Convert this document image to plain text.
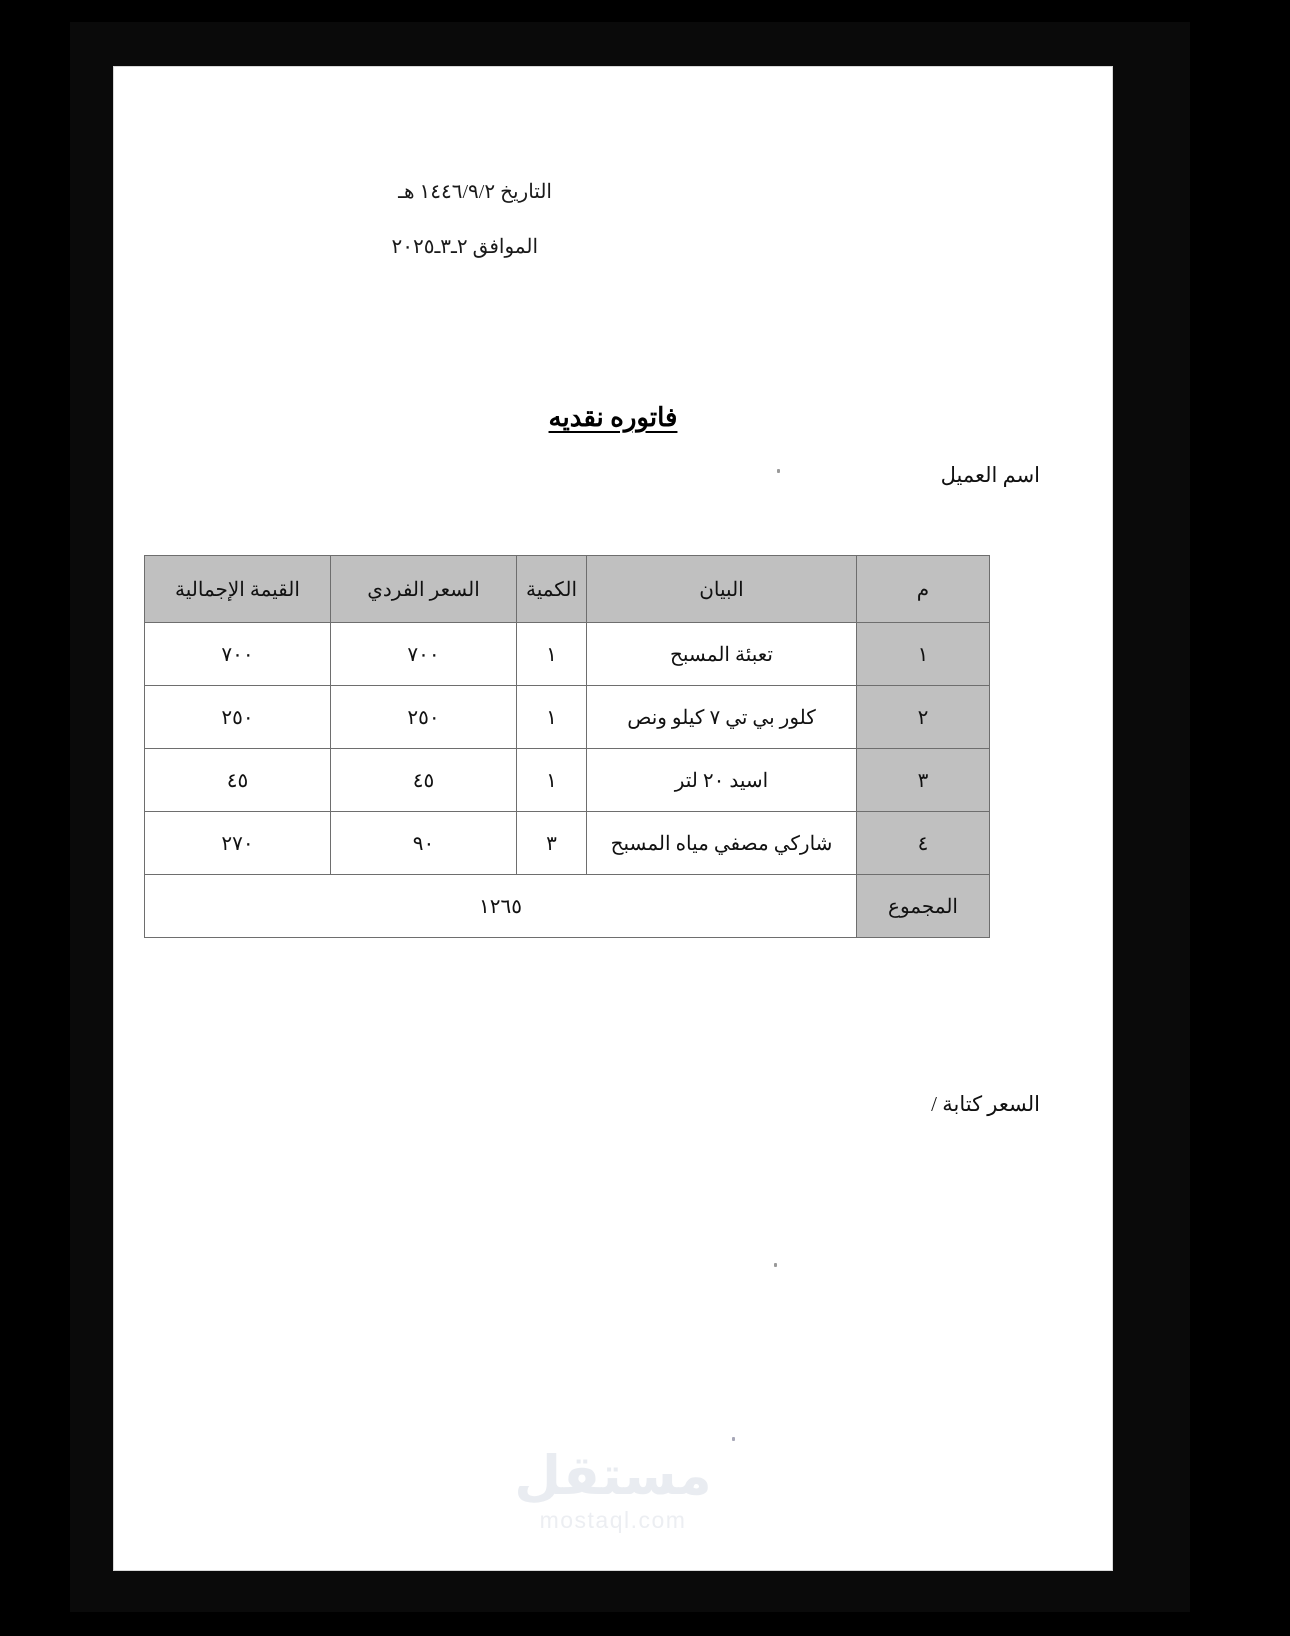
التاريخ ١٤٤٦/٩/٢ هـ
الموافق ٢ـ٣ـ٢٠٢٥
فاتوره نقديه
اسم العميل
م	البيان	الكمية	السعر الفردي	القيمة الإجمالية
١	تعبئة المسبح	١	٧٠٠	٧٠٠
٢	كلور بي تي ٧ كيلو ونص	١	٢٥٠	٢٥٠
٣	اسيد ٢٠ لتر	١	٤٥	٤٥
٤	شاركي مصفي مياه المسبح	٣	٩٠	٢٧٠
المجموع	١٢٦٥			
السعر كتابة /
مستقل
mostaql.com
